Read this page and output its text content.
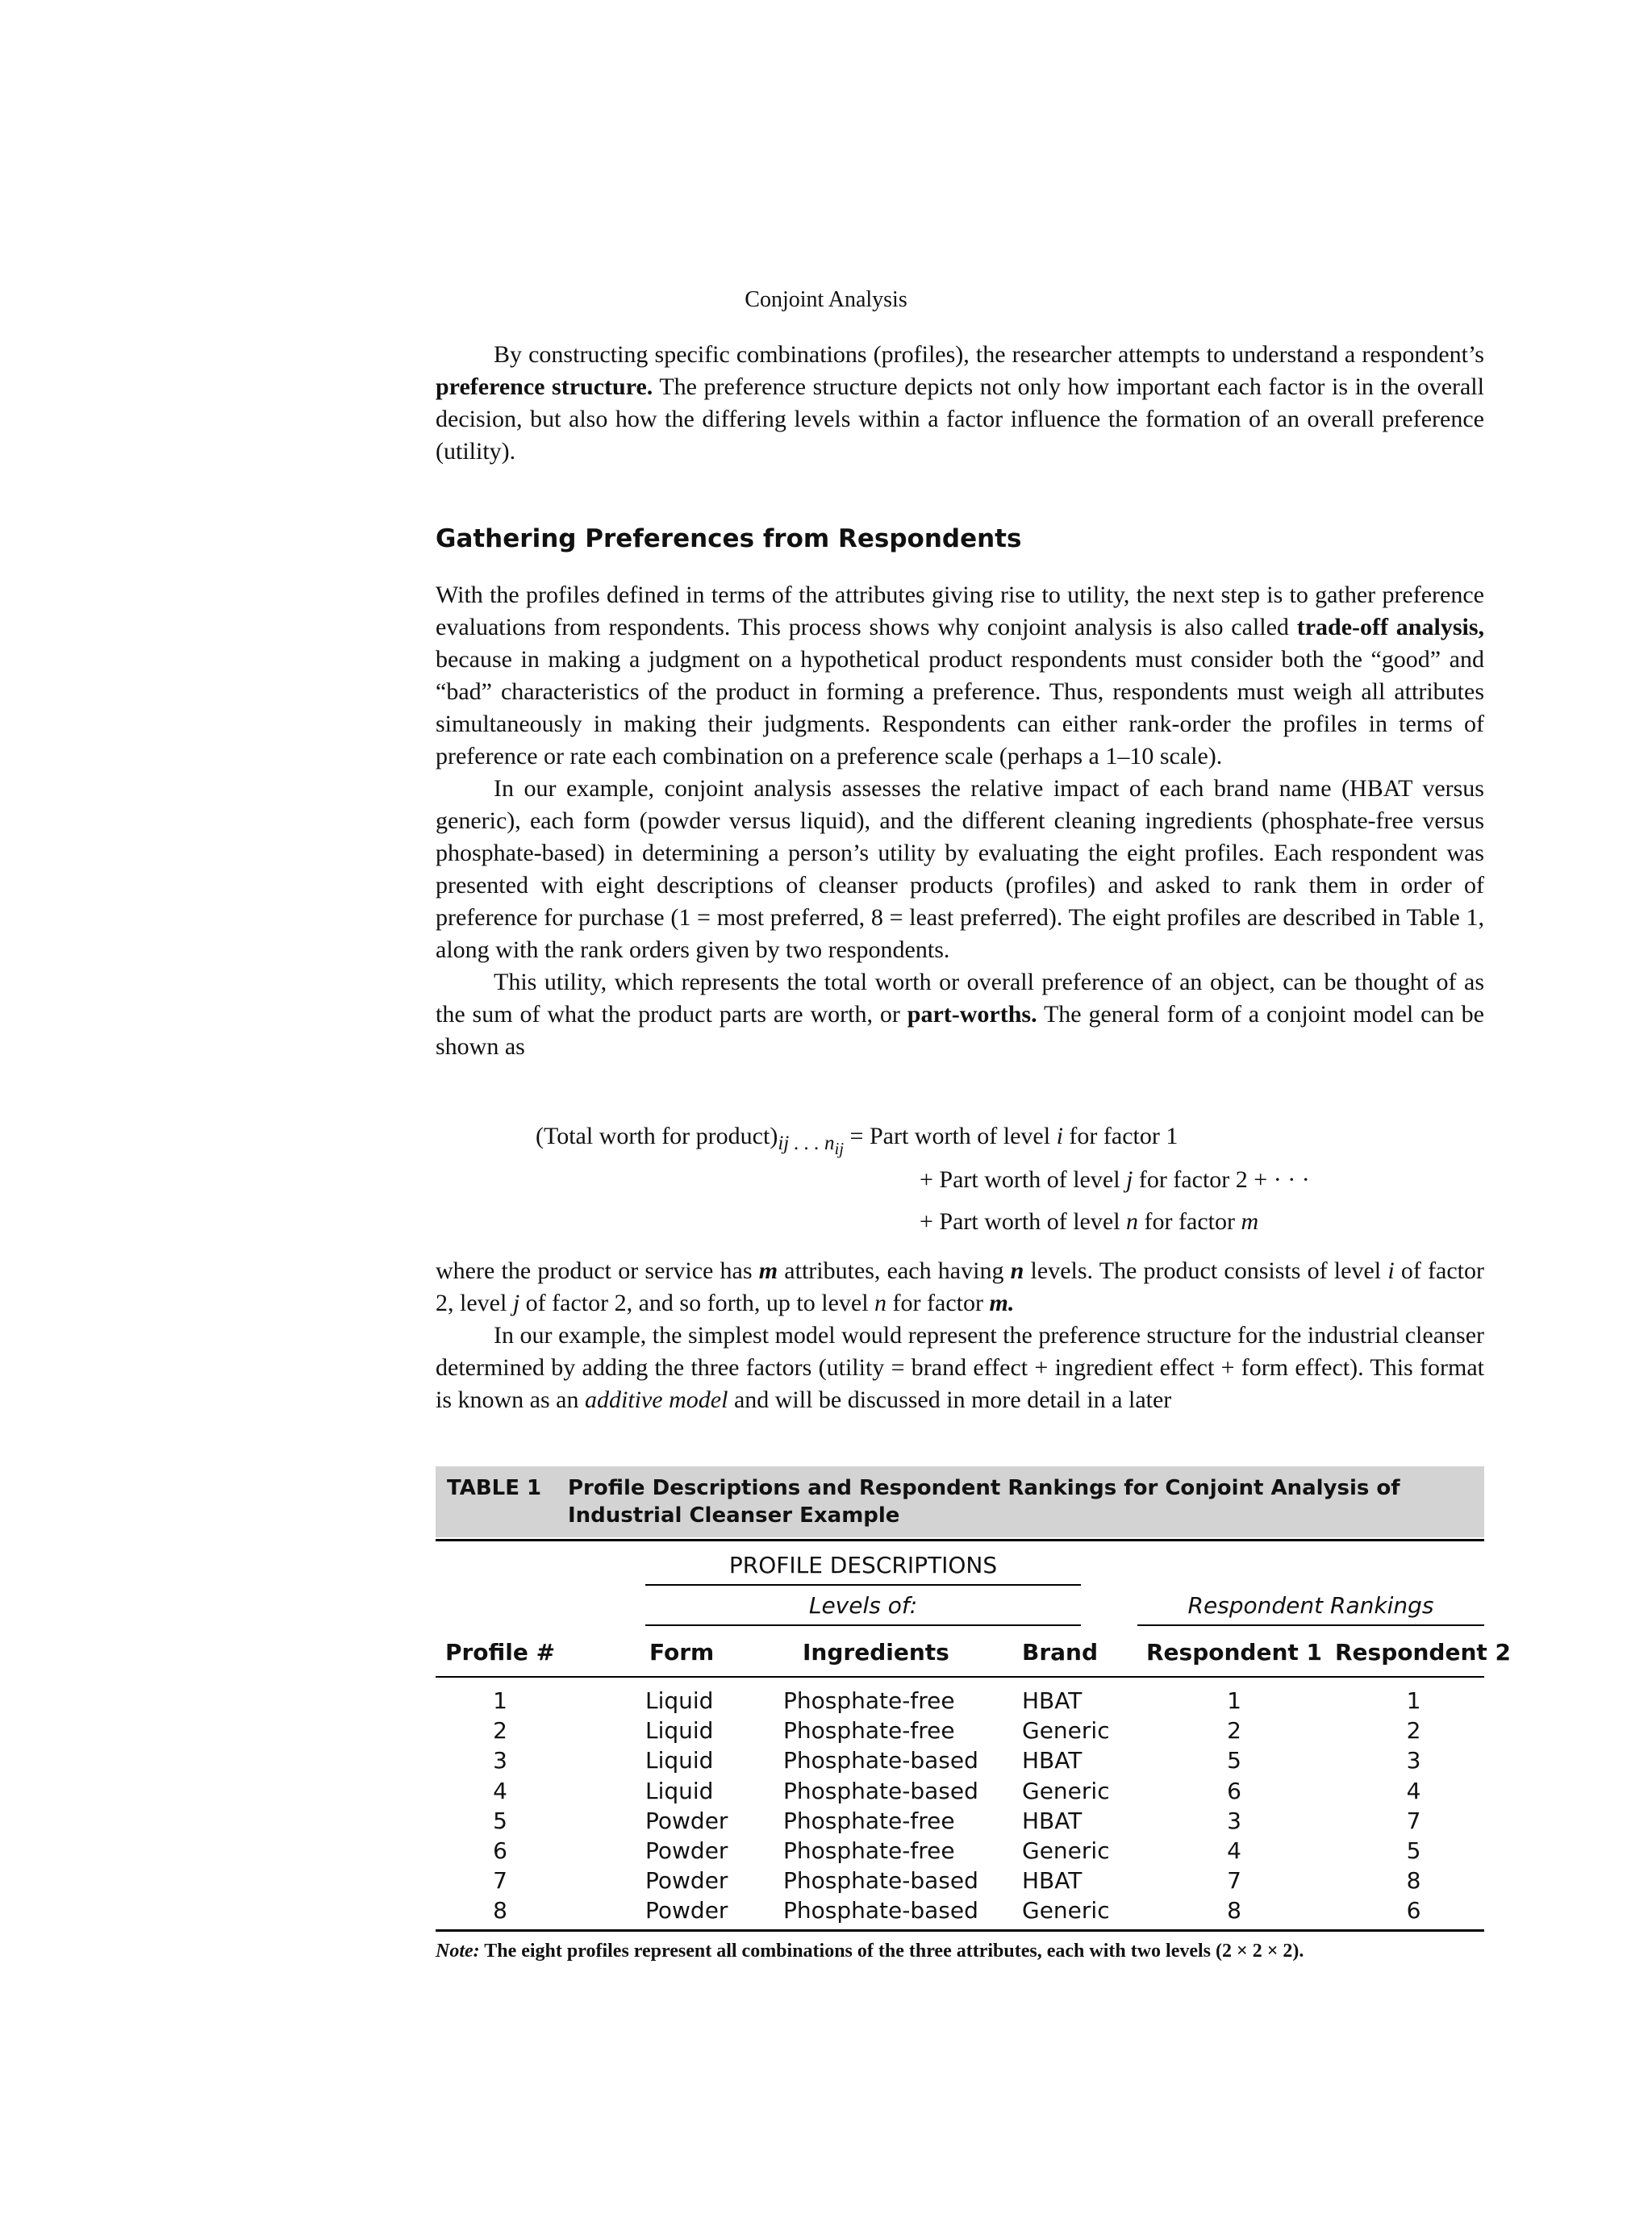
Conjoint Analysis

By constructing specific combinations (profiles), the researcher attempts to understand a respondent’s preference structure. The preference structure depicts not only how important each factor is in the overall decision, but also how the differing levels within a factor influence the formation of an overall preference (utility).

Gathering Preferences from Respondents

With the profiles defined in terms of the attributes giving rise to utility, the next step is to gather preference evaluations from respondents. This process shows why conjoint analysis is also called trade-off analysis, because in making a judgment on a hypothetical product respondents must consider both the “good” and “bad” characteristics of the product in forming a preference. Thus, respondents must weigh all attributes simultaneously in making their judgments. Respondents can either rank-order the profiles in terms of preference or rate each combination on a preference scale (perhaps a 1–10 scale).

In our example, conjoint analysis assesses the relative impact of each brand name (HBAT versus generic), each form (powder versus liquid), and the different cleaning ingredients (phosphate-free versus phosphate-based) in determining a person’s utility by evaluating the eight profiles. Each respondent was presented with eight descriptions of cleanser products (profiles) and asked to rank them in order of preference for purchase (1 = most preferred, 8 = least preferred). The eight profiles are described in Table 1, along with the rank orders given by two respondents.

This utility, which represents the total worth or overall preference of an object, can be thought of as the sum of what the product parts are worth, or part-worths. The general form of a conjoint model can be shown as

(Total worth for $product)_{ij . . . n_{ij}}$ = Part worth of level i for factor 1
+ Part worth of level j for factor 2 + · · ·
+ Part worth of level n for factor m

where the product or service has m attributes, each having n levels. The product consists of level i of factor 2, level j of factor 2, and so forth, up to level n for factor m.

In our example, the simplest model would represent the preference structure for the industrial cleanser determined by adding the three factors (utility = brand effect + ingredient effect + form effect). This format is known as an additive model and will be discussed in more detail in a later

TABLE 1 Profile Descriptions and Respondent Rankings for Conjoint Analysis of Industrial Cleanser Example
PROFILE DESCRIPTIONS
Levels of:	Respondent Rankings
Profile #	Form	Ingredients	Brand Respondent 1 Respondent 2
1	Liquid	Phosphate-free	HBAT	1	1
2	Liquid	Phosphate-free	Generic	2	2
3	Liquid	Phosphate-based HBAT	5	3
4	Liquid	Phosphate-based Generic	6	4
5	Powder Phosphate-free	HBAT	3	7
6	Powder Phosphate-free	Generic	4	5
7	Powder Phosphate-based HBAT	7	8
8	Powder Phosphate-based Generic	8	6
Note: The eight profiles represent all combinations of the three attributes, each with two levels (2 × 2 × 2).
